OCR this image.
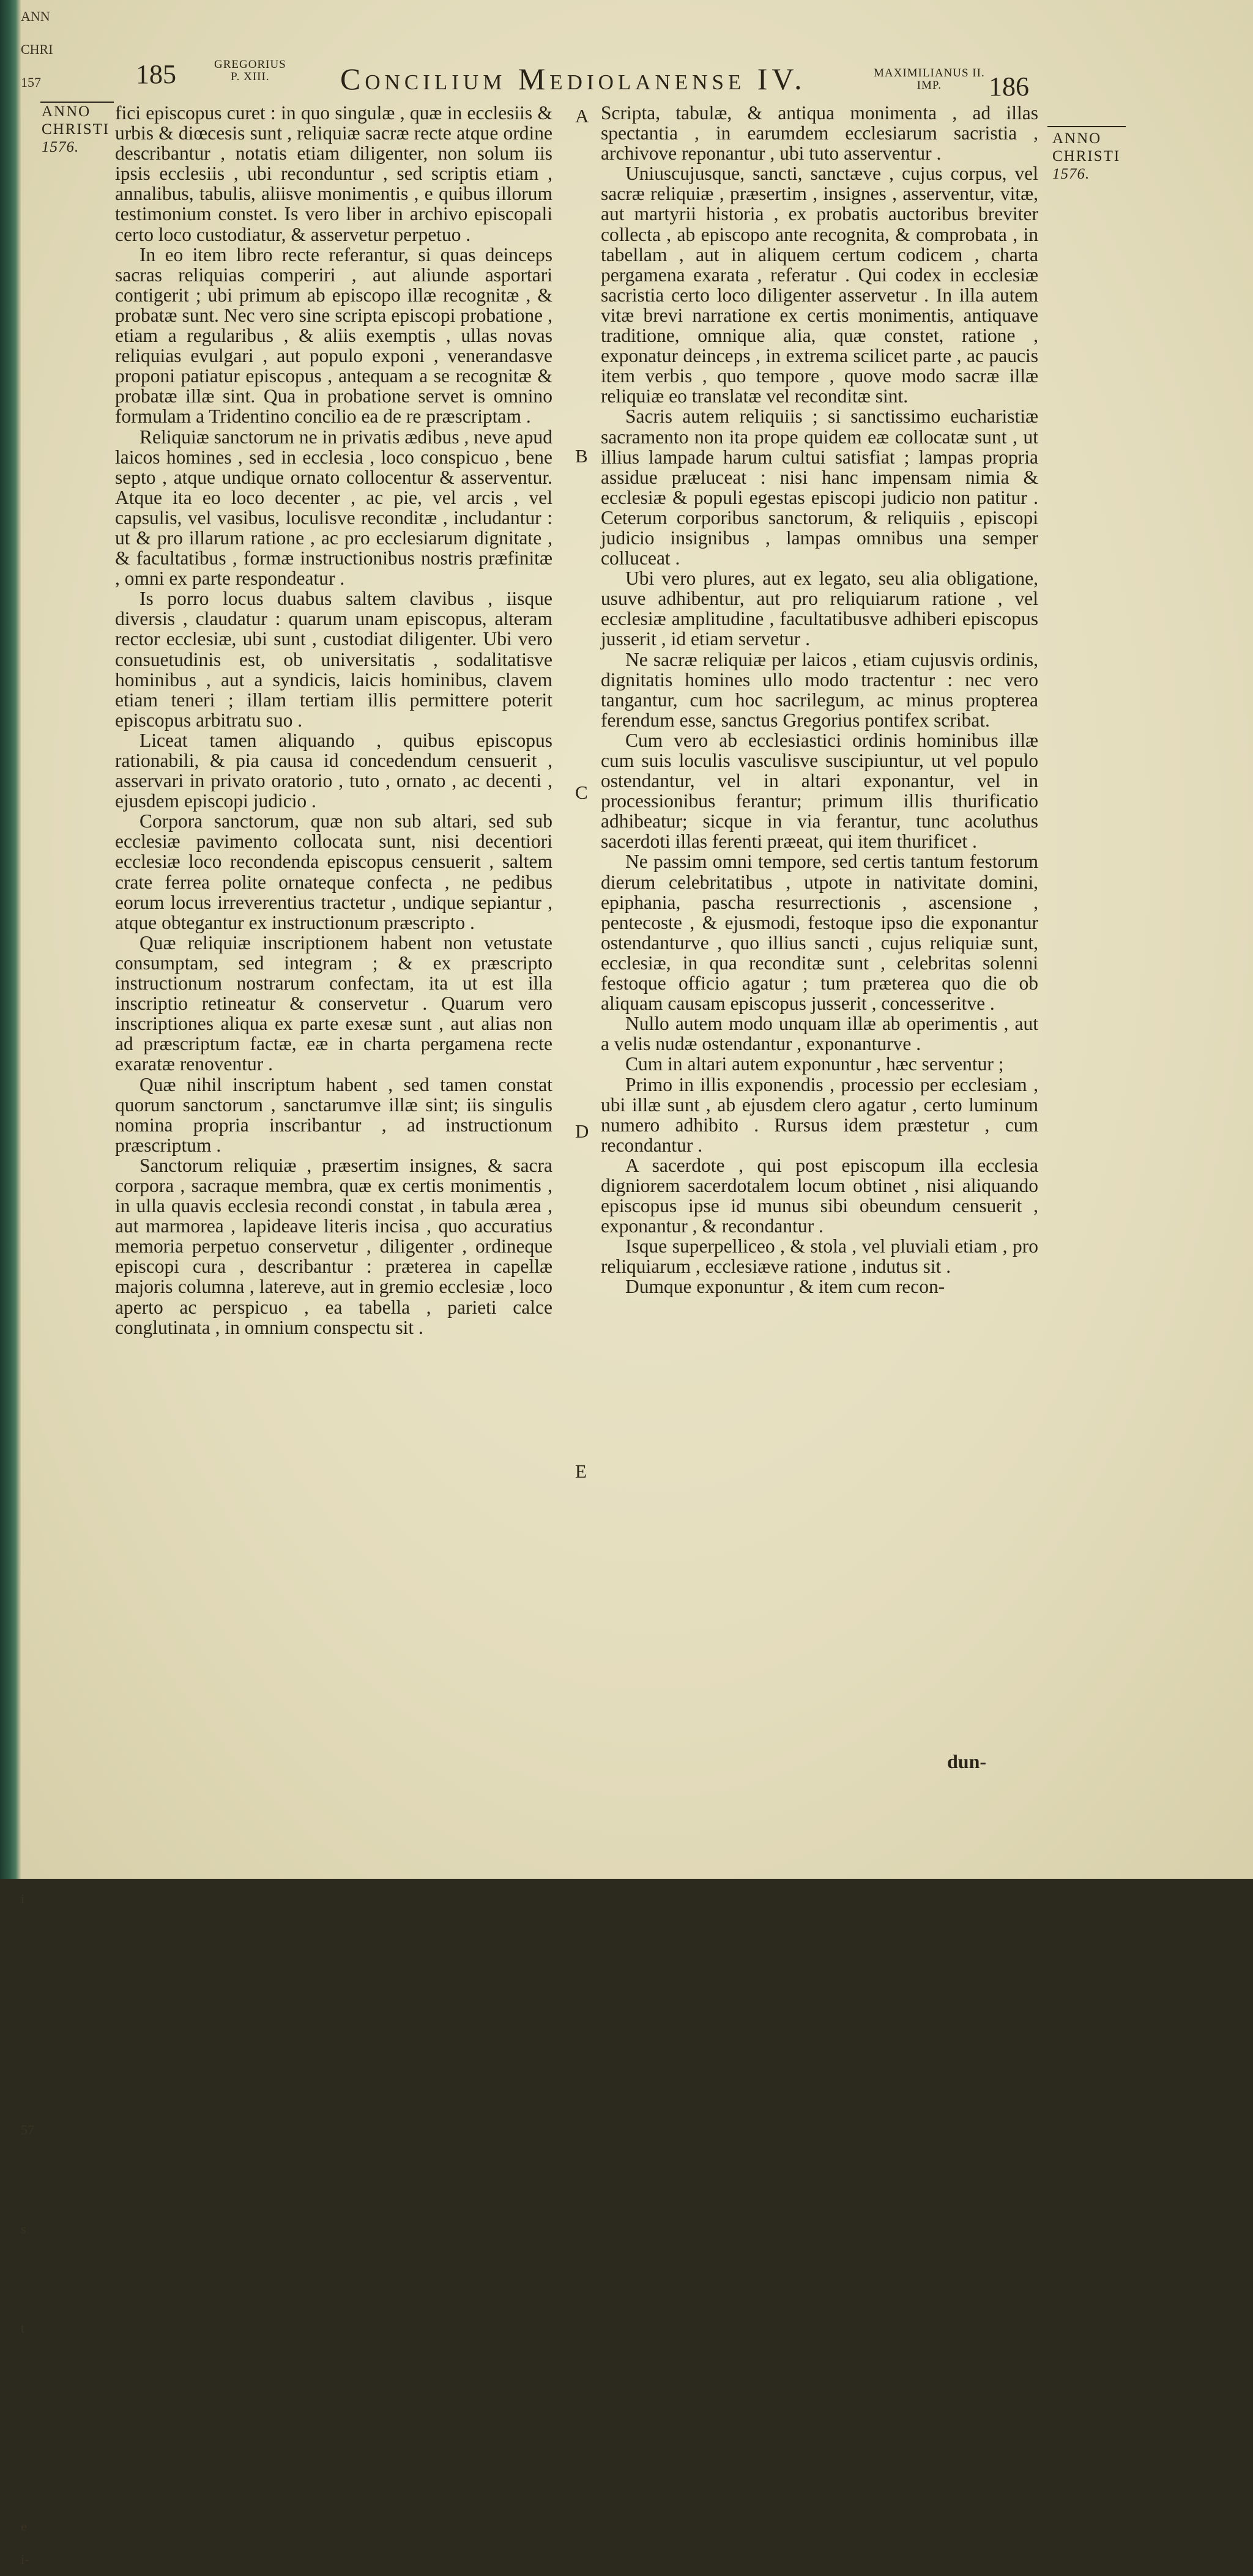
ANN
CHRI
157

i

57

s

t

e
i-
185	GREGORIUS
P. XIII.	Concilium Mediolanense IV.	MAXIMILIANUS II.
IMP.	186
ANNO
CHRISTI
1576.
ANNO
CHRISTI
1576.
A
B
C
D
E

fici episcopus curet : in quo singulæ , quæ in ecclesiis & urbis & diœcesis sunt , reliquiæ sacræ recte atque ordine describantur , notatis etiam diligenter, non solum iis ipsis ecclesiis , ubi reconduntur , sed scriptis etiam , annalibus, tabulis, aliisve monimentis , e quibus illorum testimonium constet. Is vero liber in archivo episcopali certo loco custodiatur, & asservetur perpetuo .

In eo item libro recte referantur, si quas deinceps sacras reliquias comperiri , aut aliunde asportari contigerit ; ubi primum ab episcopo illæ recognitæ , & probatæ sunt. Nec vero sine scripta episcopi probatione , etiam a regularibus , & aliis exemptis , ullas novas reliquias evulgari , aut populo exponi , venerandasve proponi patiatur episcopus , antequam a se recognitæ & probatæ illæ sint. Qua in probatione servet is omnino formulam a Tridentino concilio ea de re præscriptam .

Reliquiæ sanctorum ne in privatis ædibus , neve apud laicos homines , sed in ecclesia , loco conspicuo , bene septo , atque undique ornato collocentur & asserventur. Atque ita eo loco decenter , ac pie, vel arcis , vel capsulis, vel vasibus, loculisve reconditæ , includantur : ut & pro illarum ratione , ac pro ecclesiarum dignitate , & facultatibus , formæ instructionibus nostris præfinitæ , omni ex parte respondeatur .

Is porro locus duabus saltem clavibus , iisque diversis , claudatur : quarum unam episcopus, alteram rector ecclesiæ, ubi sunt , custodiat diligenter. Ubi vero consuetudinis est, ob universitatis , sodalitatisve hominibus , aut a syndicis, laicis hominibus, clavem etiam teneri ; illam tertiam illis permittere poterit episcopus arbitratu suo .

Liceat tamen aliquando , quibus episcopus rationabili, & pia causa id concedendum censuerit , asservari in privato oratorio , tuto , ornato , ac decenti , ejusdem episcopi judicio .

Corpora sanctorum, quæ non sub altari, sed sub ecclesiæ pavimento collocata sunt, nisi decentiori ecclesiæ loco recondenda episcopus censuerit , saltem crate ferrea polite ornateque confecta , ne pedibus eorum locus irreverentius tractetur , undique sepiantur , atque obtegantur ex instructionum præscripto .

Quæ reliquiæ inscriptionem habent non vetustate consumptam, sed integram ; & ex præscripto instructionum nostrarum confectam, ita ut est illa inscriptio retineatur & conservetur . Quarum vero inscriptiones aliqua ex parte exesæ sunt , aut alias non ad præscriptum factæ, eæ in charta pergamena recte exaratæ renoventur .

Quæ nihil inscriptum habent , sed tamen constat quorum sanctorum , sanctarumve illæ sint; iis singulis nomina propria inscribantur , ad instructionum præscriptum .

Sanctorum reliquiæ , præsertim insignes, & sacra corpora , sacraque membra, quæ ex certis monimentis , in ulla quavis ecclesia recondi constat , in tabula ærea , aut marmorea , lapideave literis incisa , quo accuratius memoria perpetuo conservetur , diligenter , ordineque episcopi cura , describantur : præterea in capellæ majoris columna , latereve, aut in gremio ecclesiæ , loco aperto ac perspicuo , ea tabella , parieti calce conglutinata , in omnium conspectu sit .

Scripta, tabulæ, & antiqua monimenta , ad illas spectantia , in earumdem ecclesiarum sacristia , archivove reponantur , ubi tuto asserventur .

Uniuscujusque, sancti, sanctæve , cujus corpus, vel sacræ reliquiæ , præsertim , insignes , asserventur, vitæ, aut martyrii historia , ex probatis auctoribus breviter collecta , ab episcopo ante recognita, & comprobata , in tabellam , aut in aliquem certum codicem , charta pergamena exarata , referatur . Qui codex in ecclesiæ sacristia certo loco diligenter asservetur . In illa autem vitæ brevi narratione ex certis monimentis, antiquave traditione, omnique alia, quæ constet, ratione , exponatur deinceps , in extrema scilicet parte , ac paucis item verbis , quo tempore , quove modo sacræ illæ reliquiæ eo translatæ vel reconditæ sint.

Sacris autem reliquiis ; si sanctissimo eucharistiæ sacramento non ita prope quidem eæ collocatæ sunt , ut illius lampade harum cultui satisfiat ; lampas propria assidue præluceat : nisi hanc impensam nimia & ecclesiæ & populi egestas episcopi judicio non patitur . Ceterum corporibus sanctorum, & reliquiis , episcopi judicio insignibus , lampas omnibus una semper colluceat .

Ubi vero plures, aut ex legato, seu alia obligatione, usuve adhibentur, aut pro reliquiarum ratione , vel ecclesiæ amplitudine , facultatibusve adhiberi episcopus jusserit , id etiam servetur .

Ne sacræ reliquiæ per laicos , etiam cujusvis ordinis, dignitatis homines ullo modo tractentur : nec vero tangantur, cum hoc sacrilegum, ac minus propterea ferendum esse, sanctus Gregorius pontifex scribat.

Cum vero ab ecclesiastici ordinis hominibus illæ cum suis loculis vasculisve suscipiuntur, ut vel populo ostendantur, vel in altari exponantur, vel in processionibus ferantur; primum illis thurificatio adhibeatur; sicque in via ferantur, tunc acoluthus sacerdoti illas ferenti præeat, qui item thurificet .

Ne passim omni tempore, sed certis tantum festorum dierum celebritatibus , utpote in nativitate domini, epiphania, pascha resurrectionis , ascensione , pentecoste , & ejusmodi, festoque ipso die exponantur ostendanturve , quo illius sancti , cujus reliquiæ sunt, ecclesiæ, in qua reconditæ sunt , celebritas solenni festoque officio agatur ; tum præterea quo die ob aliquam causam episcopus jusserit , concesseritve .

Nullo autem modo unquam illæ ab operimentis , aut a velis nudæ ostendantur , exponanturve .

Cum in altari autem exponuntur , hæc serventur ;

Primo in illis exponendis , processio per ecclesiam , ubi illæ sunt , ab ejusdem clero agatur , certo luminum numero adhibito . Rursus idem præstetur , cum recondantur .

A sacerdote , qui post episcopum illa ecclesia digniorem sacerdotalem locum obtinet , nisi aliquando episcopus ipse id munus sibi obeundum censuerit , exponantur , & recondantur .

Isque superpelliceo , & stola , vel pluviali etiam , pro reliquiarum , ecclesiæve ratione , indutus sit .

Dumque exponuntur , & item cum recon-

dun-
